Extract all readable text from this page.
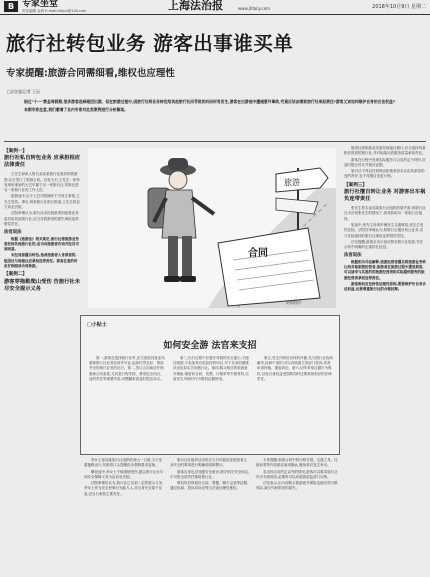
B 专家坐堂
责任编辑 金晨 E-mail:fzbjcx@126.com	上海法治报	www.jfdaily.com	2018年10月9日 星期二
旅行社转包业务 游客出事谁买单
专家提醒:旅游合同需细看,维权也应理性
□法治报记者 王辰

刚过"十一"黄金周假期,很多游客选择跟团出游。但在旅游过程中,因旅行社将业务转包给其他旅行社而导致的纠纷时有发生,游客在出游途中遭遇意外事故,究竟应该由哪家旅行社承担责任?游客又该如何维护自身的合法权益?

本期专家坐堂,我们邀请了业内专家对此类案例进行分析解读。

【案例一】
旅行社私自转包业务 应承担相应法律责任

王先生和家人报名参加某旅行社组织的旅游团,双方签订了旅游合同。出发当天,王先生一家却发现所乘坐的大巴车属于另一家旅行社,导游也是另一家旅行社的工作人员。

旅游途中,由于大巴司机操作不当发生事故,王先生受伤。事后,两家旅行社相互推诿,王先生将双方诉至法院。

法院审理认为,旅行社未经旅游者同意将业务委托给其他旅行社,应当对旅游者的损失承担连带赔偿责任。

法官说法

根据《旅游法》相关规定,旅行社将旅游业务委托给其他旅行社的,应当向旅游者告知并经其书面同意。

未经同意擅自转包,造成旅游者人身损害的,组团社与地接社应承担连带责任。游客在签约时应仔细阅读合同条款。

【案例二】
游客穿拖鞋爬山受伤 告旅行社未尽安全提示义务
合同
旅游
资料图片
□小贴士
如何安全游 法官来支招

第一,游客在选择旅行社时,应当查验其营业执照和旅行社业务经营许可证,选择信誉良好、资质齐全的旅行社签约出行。第二,签订合同前应仔细阅读合同条款,尤其是行程安排、费用包含项目、违约责任等重要内容,对模糊条款及时提出异议。

第三,出行过程中应遵守导游的安全提示,不擅自脱团,不参加具有危险性的项目,对于自身的健康状况应如实告知旅行社。第四,购买相应的旅游意外保险,保留好合同、发票、行程单等书面材料,以备发生纠纷时作为维权证据使用。

第五,发生纠纷后应保持冷静,先与旅行社协商解决,协商不成的,可以向旅游主管部门投诉,或者申请仲裁、提起诉讼。第六,切勿采取过激行为维权,以免自身权益受损的同时还要承担相应的法律责任。

李女士参加某旅行社组织的登山一日游,当天穿着拖鞋出行,导游曾口头提醒但未强制要求更换。

攀登途中,李女士不慎滑倒受伤,遂以旅行社未尽到安全保障义务为由诉至法院。

法院审理后认为,旅行社已尽到一定的提示义务,李女士作为完全民事行为能力人,对自身安全疏于注意,应自行承担主要责任。

旅行社在组织活动时应当对可能危及旅游者人身安全的事项进行明确说明和警示。

游客自身也应加强安全意识,遵守相关安全规定,不可将全部责任推给旅行社。

维权时应保留好合同、票据、聊天记录等证据,通过协商、投诉或诉讼等合法途径理性维权。

专家提醒,旅游合同中的行程安排、交通工具、住宿标准等内容都应逐项确认,避免事后发生争议。

若出现合同约定以外的情况,游客可以要求旅行社作出书面说明,必要时可以向旅游质监部门反映。

法官表示,出行前购买旅游意外保险也能有效分散风险,减少纠纷带来的损失。

组团社将旅游业务委托地接社履行,应当选择具备相应资质的旅行社,并对地接社的服务质量承担责任。

游客在行程中发现实际服务与合同约定不符时,应及时提出异议并留存证据。

旅行社不得以任何理由拒绝承担本应由其承担的违约责任,也不得擅自变更行程。

【案例三】
旅行社擅自转让业务 对游客出车祸负连带责任

张先生报名参加某旅行社组织的境外游,该旅行社在未告知张先生的情况下,将其转给另一家旅行社接待。

旅途中,张先生所乘车辆发生交通事故,张先生受伤住院。法院经审理认为,原旅行社擅自转让业务,应与实际接待的旅行社承担连带赔偿责任。

法官提醒,游客在出行前应核实旅行社资质,并在合同中明确约定接待社信息。

法官说法

根据相关司法解释,旅游经营者擅自将旅游业务转让给其他旅游经营者,旅游者在旅游过程中遭受损害,可以请求与其签约的旅游经营者和实际提供服务的旅游经营者承担连带责任。

游客维权应坚持依法理性原则,既要维护好自身合法权益,也要尊重旅行社的合理抗辩。
